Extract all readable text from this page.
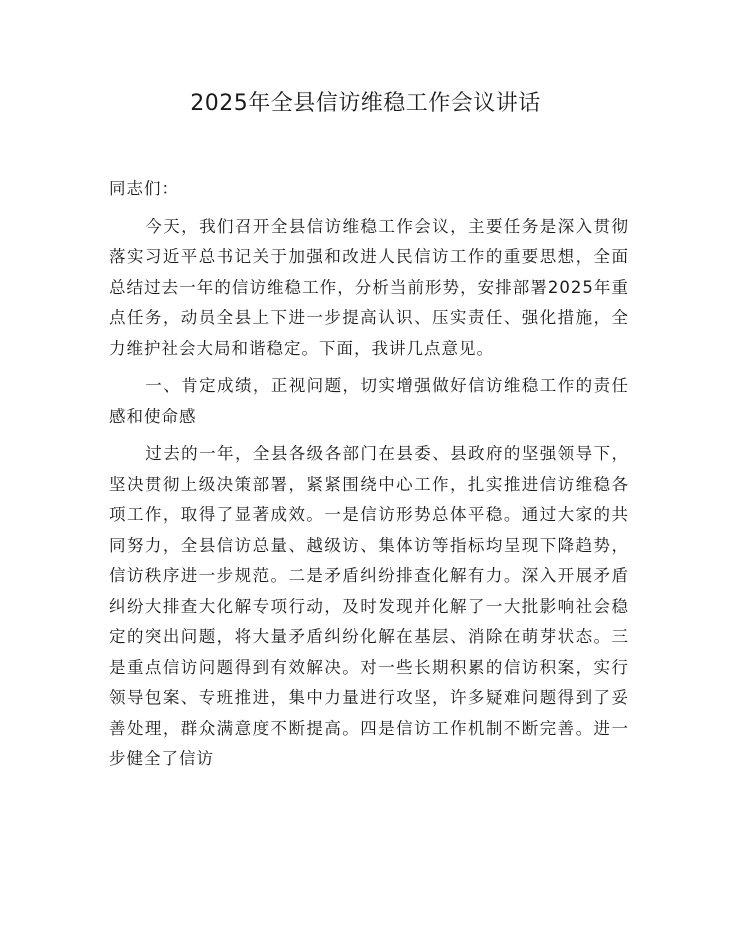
2025年全县信访维稳工作会议讲话

同志们：

今天，我们召开全县信访维稳工作会议，主要任务是深入贯彻落实习近平总书记关于加强和改进人民信访工作的重要思想，全面总结过去一年的信访维稳工作，分析当前形势，安排部署2025年重点任务，动员全县上下进一步提高认识、压实责任、强化措施，全力维护社会大局和谐稳定。下面，我讲几点意见。

一、肯定成绩，正视问题，切实增强做好信访维稳工作的责任感和使命感

过去的一年，全县各级各部门在县委、县政府的坚强领导下，坚决贯彻上级决策部署，紧紧围绕中心工作，扎实推进信访维稳各项工作，取得了显著成效。一是信访形势总体平稳。通过大家的共同努力，全县信访总量、越级访、集体访等指标均呈现下降趋势，信访秩序进一步规范。二是矛盾纠纷排查化解有力。深入开展矛盾纠纷大排查大化解专项行动，及时发现并化解了一大批影响社会稳定的突出问题，将大量矛盾纠纷化解在基层、消除在萌芽状态。三是重点信访问题得到有效解决。对一些长期积累的信访积案，实行领导包案、专班推进，集中力量进行攻坚，许多疑难问题得到了妥善处理，群众满意度不断提高。四是信访工作机制不断完善。进一步健全了信访
